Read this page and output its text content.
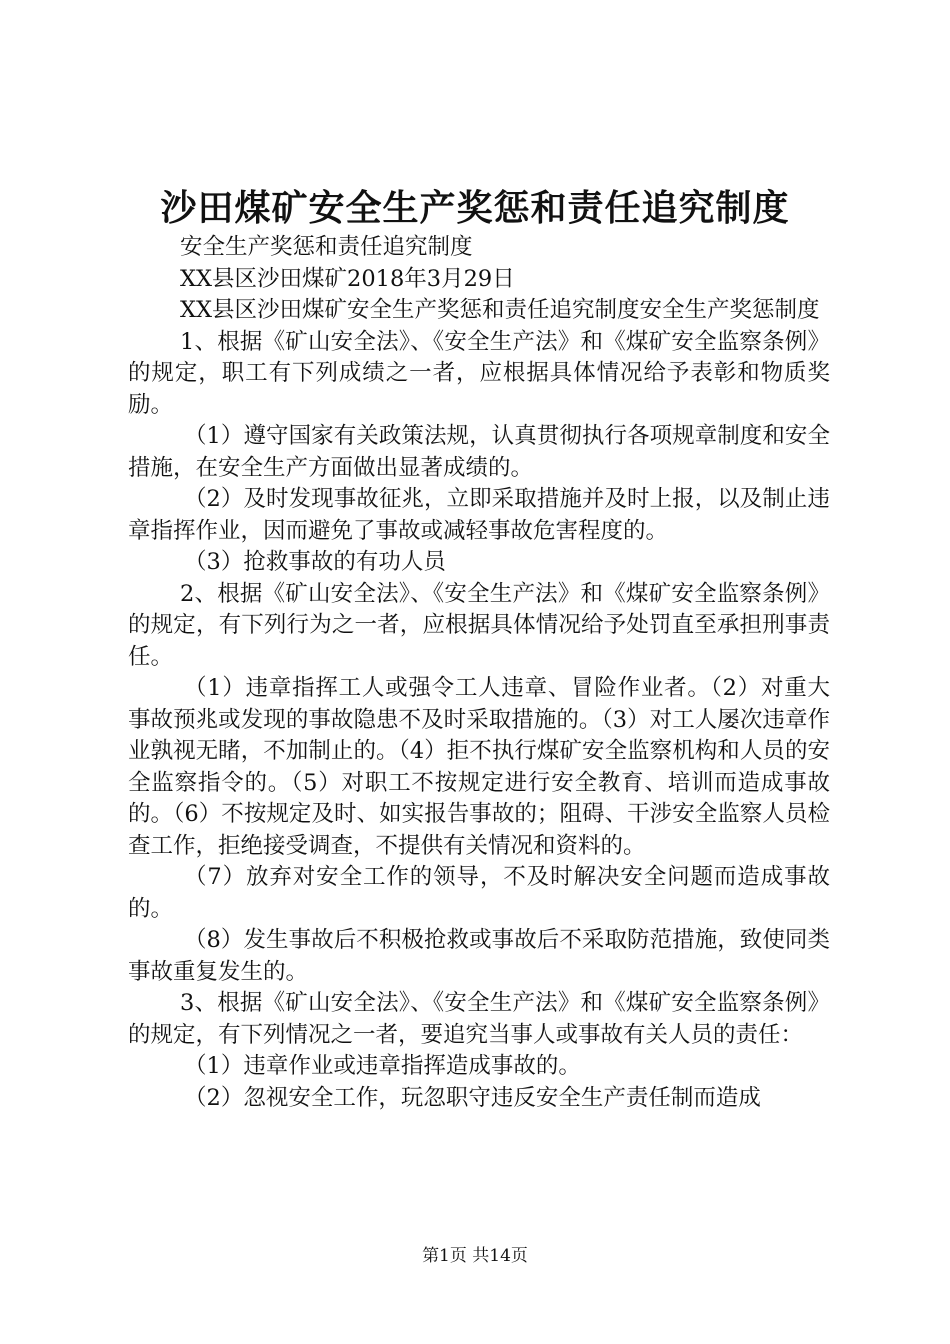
沙田煤矿安全生产奖惩和责任追究制度

安全生产奖惩和责任追究制度

XX县区沙田煤矿2018年3月29日

XX县区沙田煤矿安全生产奖惩和责任追究制度安全生产奖惩制度

1、根据《矿山安全法》、《安全生产法》和《煤矿安全监察条例》的规定，职工有下列成绩之一者，应根据具体情况给予表彰和物质奖励。

（1）遵守国家有关政策法规，认真贯彻执行各项规章制度和安全措施，在安全生产方面做出显著成绩的。

（2）及时发现事故征兆，立即采取措施并及时上报，以及制止违章指挥作业，因而避免了事故或减轻事故危害程度的。

（3）抢救事故的有功人员

2、根据《矿山安全法》、《安全生产法》和《煤矿安全监察条例》的规定，有下列行为之一者，应根据具体情况给予处罚直至承担刑事责任。

（1）违章指挥工人或强令工人违章、冒险作业者。（2）对重大事故预兆或发现的事故隐患不及时采取措施的。（3）对工人屡次违章作业孰视无睹，不加制止的。（4）拒不执行煤矿安全监察机构和人员的安全监察指令的。（5）对职工不按规定进行安全教育、培训而造成事故的。（6）不按规定及时、如实报告事故的；阻碍、干涉安全监察人员检查工作，拒绝接受调查，不提供有关情况和资料的。

（7）放弃对安全工作的领导，不及时解决安全问题而造成事故的。

（8）发生事故后不积极抢救或事故后不采取防范措施，致使同类事故重复发生的。

3、根据《矿山安全法》、《安全生产法》和《煤矿安全监察条例》的规定，有下列情况之一者，要追究当事人或事故有关人员的责任：

（1）违章作业或违章指挥造成事故的。

（2）忽视安全工作，玩忽职守违反安全生产责任制而造成

第1页 共14页
